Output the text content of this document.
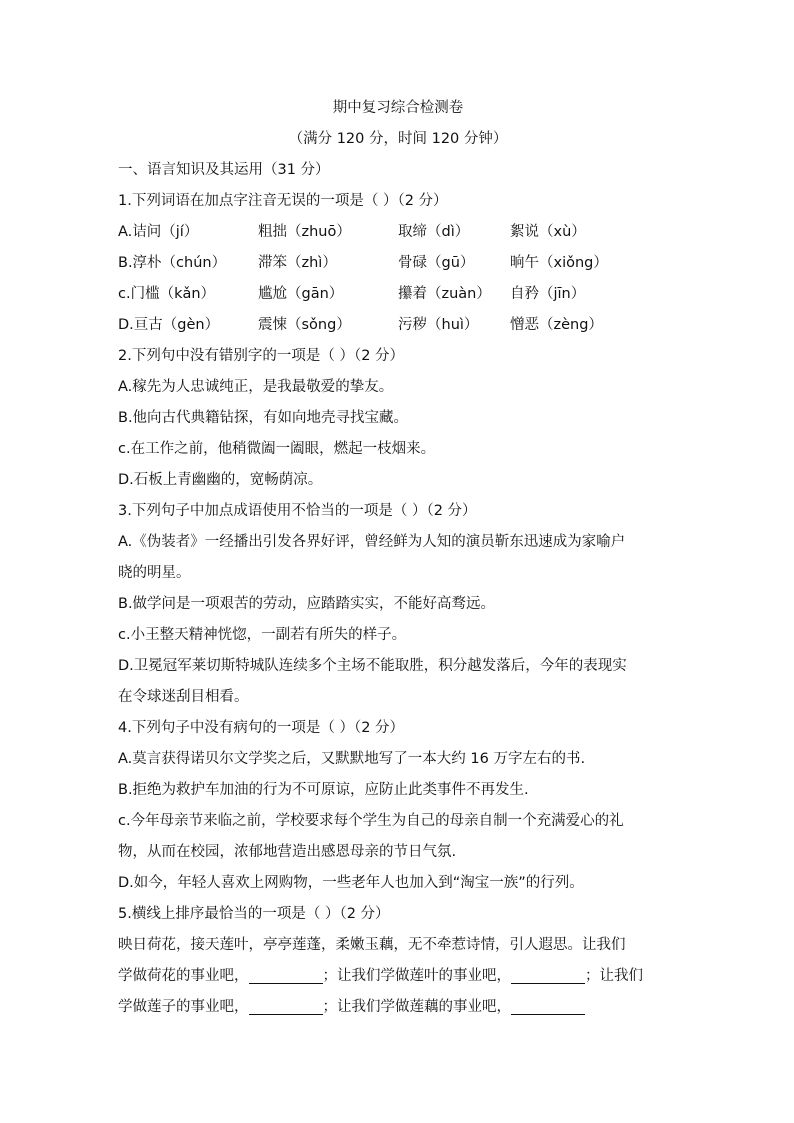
期中复习综合检测卷
（满分 120 分，时间 120 分钟）
一、语言知识及其运用（31 分）
1.下列词语在加点字注音无误的一项是（ ）（2 分）
A.诘问（jí）	粗拙（zhuō）	取缔（dì）	絮说（xù）
B.淳朴（chún）	滞笨（zhì）	骨碌（gū）	晌午（xiǒng）
c.门槛（kǎn）	尴尬（gān）	攥着（zuàn）	自矜（jīn）
D.亘古（gèn）	震悚（sǒng）	污秽（huì）	憎恶（zèng）
2.下列句中没有错别字的一项是（ ）（2 分）
A.稼先为人忠诚纯正，是我最敬爱的挚友。
B.他向古代典籍钻探，有如向地壳寻找宝藏。
c.在工作之前，他稍微阖一阖眼，燃起一枝烟来。
D.石板上青幽幽的，宽畅荫凉。
3.下列句子中加点成语使用不恰当的一项是（ ）（2 分）
A.《伪装者》一经播出引发各界好评，曾经鲜为人知的演员靳东迅速成为家喻户
晓的明星。
B.做学问是一项艰苦的劳动，应踏踏实实，不能好高骛远。
c.小王整天精神恍惚，一副若有所失的样子。
D.卫冕冠军莱切斯特城队连续多个主场不能取胜，积分越发落后，今年的表现实
在令球迷刮目相看。
4.下列句子中没有病句的一项是（ ）（2 分）
A.莫言获得诺贝尔文学奖之后，又默默地写了一本大约 16 万字左右的书.
B.拒绝为救护车加油的行为不可原谅，应防止此类事件不再发生.
c.今年母亲节来临之前，学校要求每个学生为自己的母亲自制一个充满爱心的礼
物，从而在校园，浓郁地营造出感恩母亲的节日气氛.
D.如今，年轻人喜欢上网购物，一些老年人也加入到“淘宝一族”的行列。
5.横线上排序最恰当的一项是（ ）（2 分）
映日荷花，接天莲叶，亭亭莲蓬，柔嫩玉藕，无不牵惹诗情，引人遐思。让我们
学做荷花的事业吧，	；让我们学做莲叶的事业吧，	；让我们
学做莲子的事业吧，	；让我们学做莲藕的事业吧，
